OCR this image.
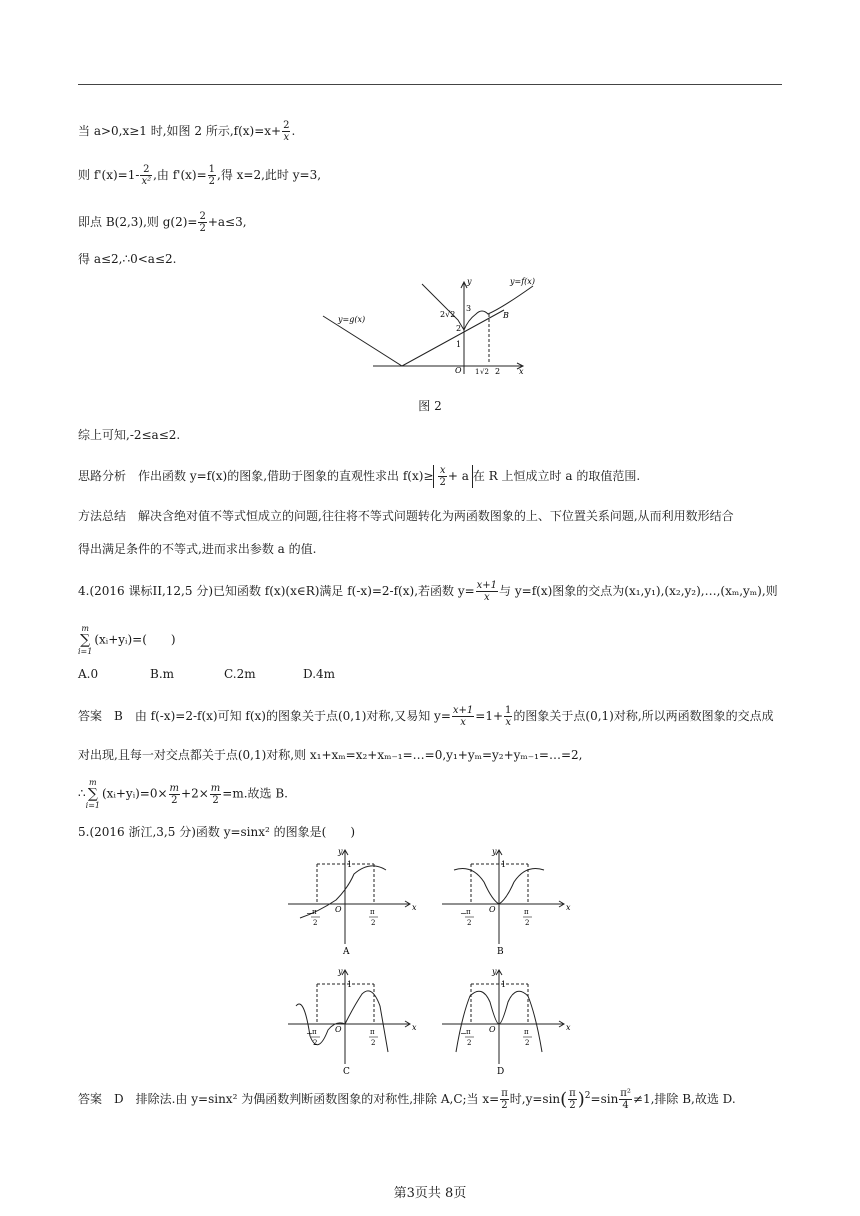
当 a>0,x≥1 时,如图 2 所示$,f(x)=x+ \frac{2}{x}$ .
则 $f'(x)=1- \frac{2}{\text{x²}}$ ,由 $f'(x)= \frac{1}{2}$ ,得 x=2,此时 y=3,
即点 B(2,3),则 $g(2)= \frac{2}{2} +a\le 3$,
得 a≤2,∴0<a≤2.
y=g(x)
y=f(x)
y
x
O
1
2
2√2
3
1 √2 2
B
图 2
综上可知,-2≤a≤2.
思路分析　作出函数 y=f(x)的图象,借助于图象的直观性求出 $f(x)\ge \frac{x}{2} + a$ 在 R 上恒成立时 a 的取值范围.
方法总结　解决含绝对值不等式恒成立的问题,往往将不等式问题转化为两函数图象的上、下位置关系问题,从而利用数形结合
得出满足条件的不等式,进而求出参数 a 的值.
4.(2016 课标II,12,5 分)已知函数 f(x)(x∈R)满足 f(-x)=2-f(x),若函数 $y= \frac{x+1}{x}$ 与 y=f(x)图象的交点为(x₁,y₁),(x₂,y₂),…,(xₘ,yₘ),则
m
∑
i=1(xᵢ+yᵢ)=(　　)
A.0	B.m	C.2m	D.4m
答案　B　由 f(-x)=2-f(x)可知 f(x)的图象关于点(0,1)对称,又易知 $y= \frac{x+1}{x} =1+ \frac{1}{x}$ 的图象关于点(0,1)对称,所以两函数图象的交点成
对出现,且每一对交点都关于点(0,1)对称,则 x₁+xₘ=x₂+xₘ₋₁=…=0,y₁+yₘ=y₂+yₘ₋₁=…=2,
∴m
∑
i=1(xᵢ+yᵢ)=0× $\frac{m}{2} +2\times \frac{m}{2} =m$.故选 B.
5.(2016 浙江,3,5 分)函数 y=sinx² 的图象是(　　)
y
x
O
1
− π
2
π
2
A
y
x
O
1
− π
2
π
2
B
y
x
O
1
− π
2
π
2
C
y
x
O
1
− π
2
π
2
D
答案　D　排除法.由 y=sinx² 为偶函数判断函数图象的对称性,排除 A,C;当 $x= \frac{\pi}{2}$ 时$,y=\sin( \frac{\pi}{2} )^2=\sin \frac{\text{π²}}{4} \ne 1$,排除 B,故选 D.
第3页共 8页
